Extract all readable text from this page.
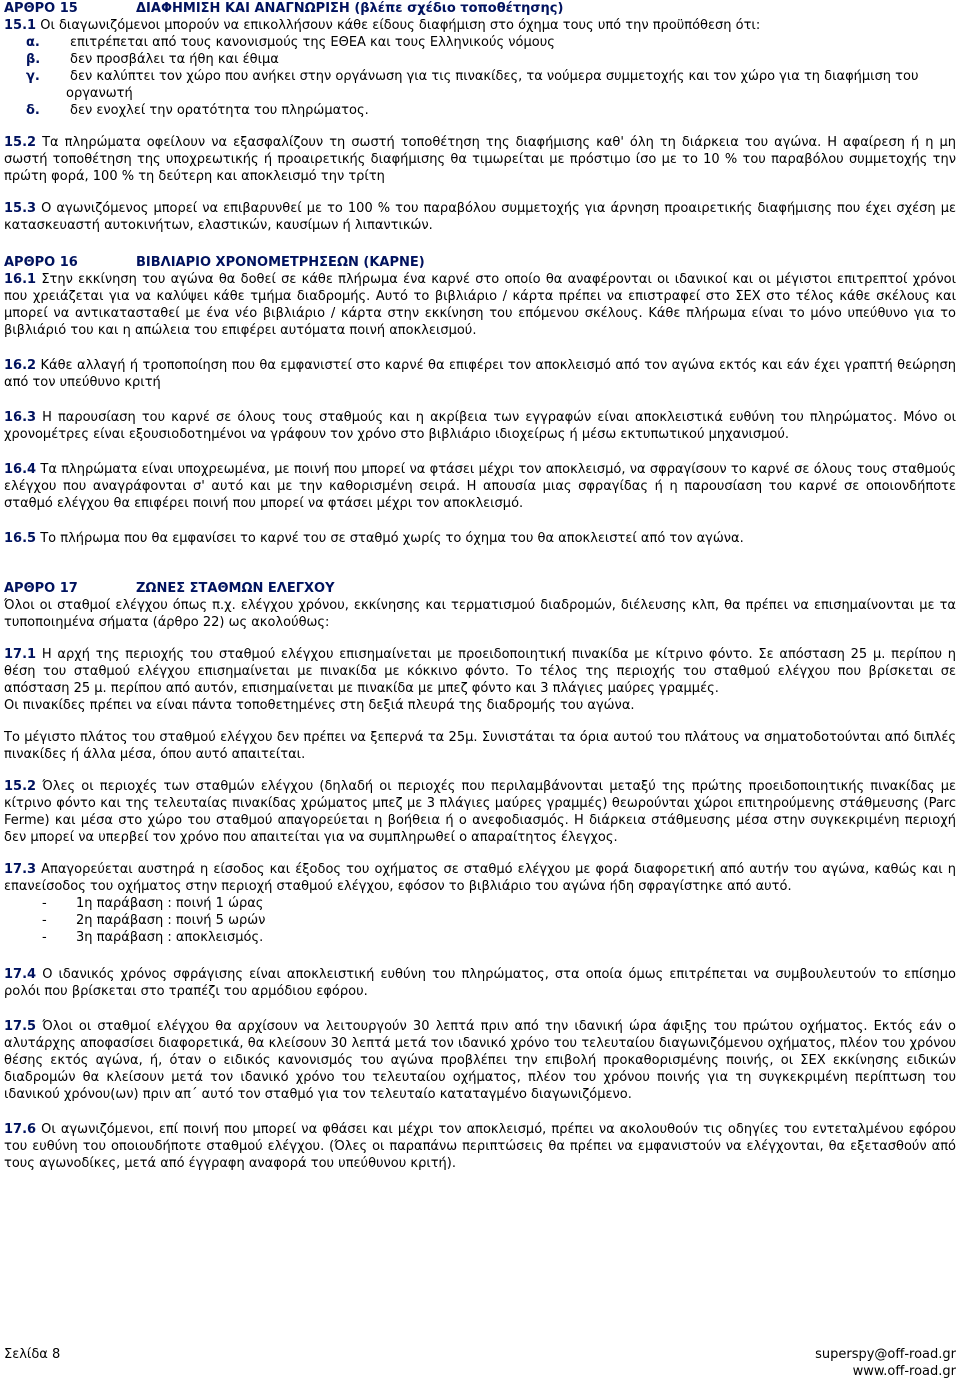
ΑΡΘΡΟ 15	ΔΙΑΦΗΜΙΣΗ ΚΑΙ ΑΝΑΓΝΩΡΙΣΗ (βλέπε σχέδιο τοποθέτησης)

15.1 Οι διαγωνιζόμενοι μπορούν να επικολλήσουν κάθε είδους διαφήμιση στο όχημα τους υπό την προϋπόθεση ότι:

α. επιτρέπεται από τους κανονισμούς της ΕΘΕΑ και τους Ελληνικούς νόμους

β. δεν προσβάλει τα ήθη και έθιμα

γ. δεν καλύπτει τον χώρο που ανήκει στην οργάνωση για τις πινακίδες, τα νούμερα συμμετοχής και τον χώρο για τη διαφήμιση του οργανωτή

δ. δεν ενοχλεί την ορατότητα του πληρώματος.

15.2 Τα πληρώματα οφείλουν να εξασφαλίζουν τη σωστή τοποθέτηση της διαφήμισης καθ' όλη τη διάρκεια του αγώνα. Η αφαίρεση ή η μη σωστή τοποθέτηση της υποχρεωτικής ή προαιρετικής διαφήμισης θα τιμωρείται με πρόστιμο ίσο με το 10 % του παραβόλου συμμετοχής την πρώτη φορά, 100 % τη δεύτερη και αποκλεισμό την τρίτη

15.3 Ο αγωνιζόμενος μπορεί να επιβαρυνθεί με το 100 % του παραβόλου συμμετοχής για άρνηση προαιρετικής διαφήμισης που έχει σχέση με κατασκευαστή αυτοκινήτων, ελαστικών, καυσίμων ή λιπαντικών.

ΑΡΘΡΟ 16	ΒΙΒΛΙΑΡΙΟ ΧΡΟΝΟΜΕΤΡΗΣΕΩΝ (ΚΑΡΝΕ)

16.1 Στην εκκίνηση του αγώνα θα δοθεί σε κάθε πλήρωμα ένα καρνέ στο οποίο θα αναφέρονται οι ιδανικοί και οι μέγιστοι επιτρεπτοί χρόνοι που χρειάζεται για να καλύψει κάθε τμήμα διαδρομής. Αυτό το βιβλιάριο / κάρτα πρέπει να επιστραφεί στο ΣΕΧ στο τέλος κάθε σκέλους και μπορεί να αντικατασταθεί με ένα νέο βιβλιάριο / κάρτα στην εκκίνηση του επόμενου σκέλους. Κάθε πλήρωμα είναι το μόνο υπεύθυνο για το βιβλιάριό του και η απώλεια του επιφέρει αυτόματα ποινή αποκλεισμού.

16.2 Κάθε αλλαγή ή τροποποίηση που θα εμφανιστεί στο καρνέ θα επιφέρει τον αποκλεισμό από τον αγώνα εκτός και εάν έχει γραπτή θεώρηση από τον υπεύθυνο κριτή

16.3 Η παρουσίαση του καρνέ σε όλους τους σταθμούς και η ακρίβεια των εγγραφών είναι αποκλειστικά ευθύνη του πληρώματος. Μόνο οι χρονομέτρες είναι εξουσιοδοτημένοι να γράφουν τον χρόνο στο βιβλιάριο ιδιοχείρως ή μέσω εκτυπωτικού μηχανισμού.

16.4 Τα πληρώματα είναι υποχρεωμένα, με ποινή που μπορεί να φτάσει μέχρι τον αποκλεισμό, να σφραγίσουν το καρνέ σε όλους τους σταθμούς ελέγχου που αναγράφονται σ' αυτό και με την καθορισμένη σειρά. Η απουσία μιας σφραγίδας ή η παρουσίαση του καρνέ σε οποιονδήποτε σταθμό ελέγχου θα επιφέρει ποινή που μπορεί να φτάσει μέχρι τον αποκλεισμό.

16.5 Το πλήρωμα που θα εμφανίσει το καρνέ του σε σταθμό χωρίς το όχημα του θα αποκλειστεί από τον αγώνα.

ΑΡΘΡΟ 17	ΖΩΝΕΣ ΣΤΑΘΜΩΝ ΕΛΕΓΧΟΥ

Όλοι οι σταθμοί ελέγχου όπως π.χ. ελέγχου χρόνου, εκκίνησης και τερματισμού διαδρομών, διέλευσης κλπ, θα πρέπει να επισημαίνονται με τα τυποποιημένα σήματα (άρθρο 22) ως ακολούθως:

17.1 Η αρχή της περιοχής του σταθμού ελέγχου επισημαίνεται με προειδοποιητική πινακίδα με κίτρινο φόντο. Σε απόσταση 25 μ. περίπου η θέση του σταθμού ελέγχου επισημαίνεται με πινακίδα με κόκκινο φόντο. Το τέλος της περιοχής του σταθμού ελέγχου που βρίσκεται σε απόσταση 25 μ. περίπου από αυτόν, επισημαίνεται με πινακίδα με μπεζ φόντο και 3 πλάγιες μαύρες γραμμές.

Οι πινακίδες πρέπει να είναι πάντα τοποθετημένες στη δεξιά πλευρά της διαδρομής του αγώνα.

Το μέγιστο πλάτος του σταθμού ελέγχου δεν πρέπει να ξεπερνά τα 25μ. Συνιστάται τα όρια αυτού του πλάτους να σηματοδοτούνται από διπλές πινακίδες ή άλλα μέσα, όπου αυτό απαιτείται.

15.2 Όλες οι περιοχές των σταθμών ελέγχου (δηλαδή οι περιοχές που περιλαμβάνονται μεταξύ της πρώτης προειδοποιητικής πινακίδας με κίτρινο φόντο και της τελευταίας πινακίδας χρώματος μπεζ με 3 πλάγιες μαύρες γραμμές) θεωρούνται χώροι επιτηρούμενης στάθμευσης (Parc Ferme) και μέσα στο χώρο του σταθμού απαγορεύεται η βοήθεια ή ο ανεφοδιασμός. Η διάρκεια στάθμευσης μέσα στην συγκεκριμένη περιοχή δεν μπορεί να υπερβεί τον χρόνο που απαιτείται για να συμπληρωθεί ο απαραίτητος έλεγχος.

17.3 Απαγορεύεται αυστηρά η είσοδος και έξοδος του οχήματος σε σταθμό ελέγχου με φορά διαφορετική από αυτήν του αγώνα, καθώς και η επανείσοδος του οχήματος στην περιοχή σταθμού ελέγχου, εφόσον το βιβλιάριο του αγώνα ήδη σφραγίστηκε από αυτό.

- 1η παράβαση : ποινή 1 ώρας

- 2η παράβαση : ποινή 5 ωρών

- 3η παράβαση : αποκλεισμός.

17.4 Ο ιδανικός χρόνος σφράγισης είναι αποκλειστική ευθύνη του πληρώματος, στα οποία όμως επιτρέπεται να συμβουλευτούν το επίσημο ρολόι που βρίσκεται στο τραπέζι του αρμόδιου εφόρου.

17.5 Όλοι οι σταθμοί ελέγχου θα αρχίσουν να λειτουργούν 30 λεπτά πριν από την ιδανική ώρα άφιξης του πρώτου οχήματος. Εκτός εάν ο αλυτάρχης αποφασίσει διαφορετικά, θα κλείσουν 30 λεπτά μετά τον ιδανικό χρόνο του τελευταίου διαγωνιζόμενου οχήματος, πλέον του χρόνου θέσης εκτός αγώνα, ή, όταν ο ειδικός κανονισμός του αγώνα προβλέπει την επιβολή προκαθορισμένης ποινής, οι ΣΕΧ εκκίνησης ειδικών διαδρομών θα κλείσουν μετά τον ιδανικό χρόνο του τελευταίου οχήματος, πλέον του χρόνου ποινής για τη συγκεκριμένη περίπτωση του ιδανικού χρόνου(ων) πριν απ΄ αυτό τον σταθμό για τον τελευταίο καταταγμένο διαγωνιζόμενο.

17.6 Οι αγωνιζόμενοι, επί ποινή που μπορεί να φθάσει και μέχρι τον αποκλεισμό, πρέπει να ακολουθούν τις οδηγίες του εντεταλμένου εφόρου του ευθύνη του οποιουδήποτε σταθμού ελέγχου. (Όλες οι παραπάνω περιπτώσεις θα πρέπει να εμφανιστούν να ελέγχονται, θα εξετασθούν από τους αγωνοδίκες, μετά από έγγραφη αναφορά του υπεύθυνου κριτή).

Σελίδα 8	superspy@off-road.gr
www.off-road.gr
